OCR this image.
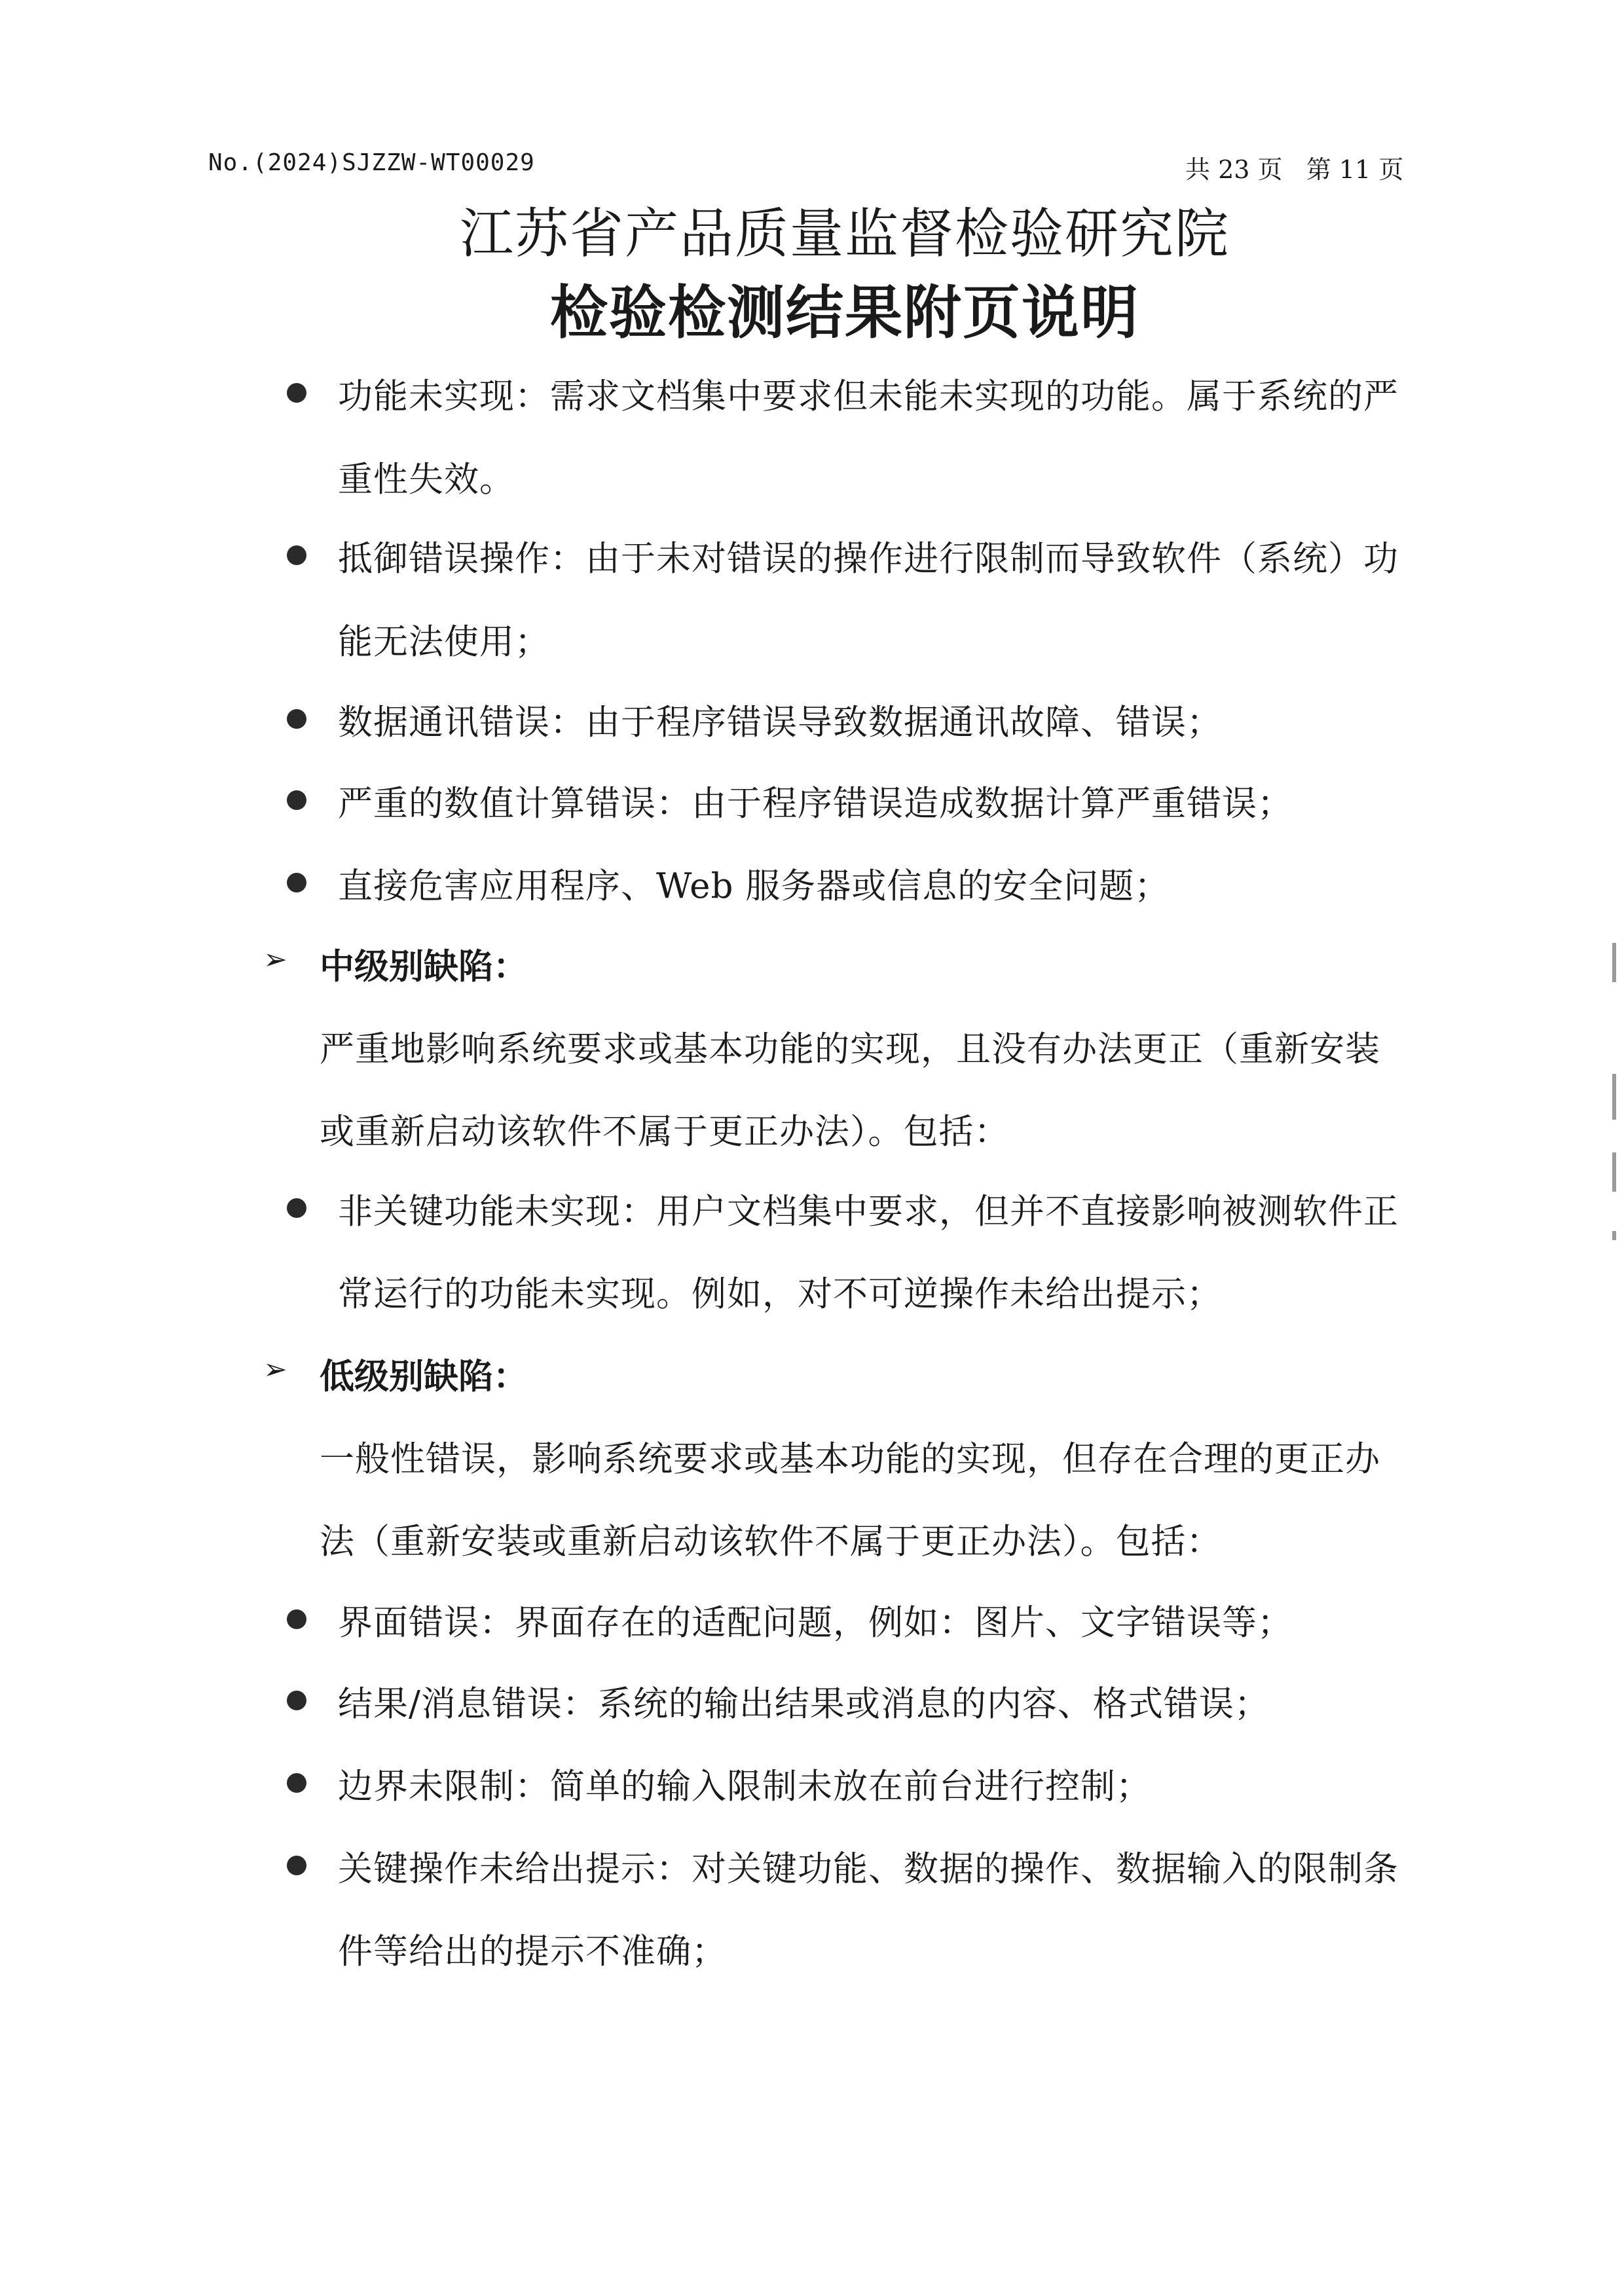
No.(2024)SJZZW-WT00029	共 23 页   第 11 页
江苏省产品质量监督检验研究院
检验检测结果附页说明
功能未实现：需求文档集中要求但未能未实现的功能。属于系统的严
重性失效。
抵御错误操作：由于未对错误的操作进行限制而导致软件（系统）功
能无法使用；
数据通讯错误：由于程序错误导致数据通讯故障、错误；
严重的数值计算错误：由于程序错误造成数据计算严重错误；
直接危害应用程序、Web 服务器或信息的安全问题；
➢ 中级别缺陷：
严重地影响系统要求或基本功能的实现，且没有办法更正（重新安装
或重新启动该软件不属于更正办法）。包括：
非关键功能未实现：用户文档集中要求，但并不直接影响被测软件正
常运行的功能未实现。例如，对不可逆操作未给出提示；
➢ 低级别缺陷：
一般性错误，影响系统要求或基本功能的实现，但存在合理的更正办
法（重新安装或重新启动该软件不属于更正办法）。包括：
界面错误：界面存在的适配问题，例如：图片、文字错误等；
结果/消息错误：系统的输出结果或消息的内容、格式错误；
边界未限制：简单的输入限制未放在前台进行控制；
关键操作未给出提示：对关键功能、数据的操作、数据输入的限制条
件等给出的提示不准确；
